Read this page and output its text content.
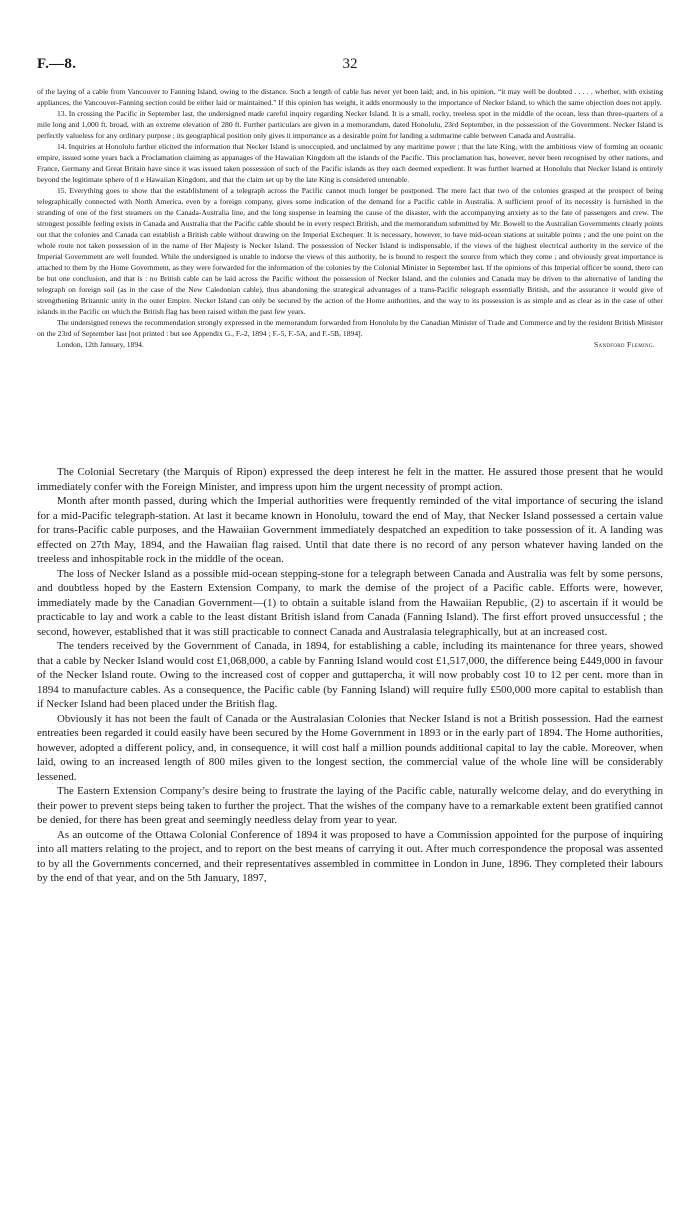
F.—8.	32

of the laying of a cable from Vancouver to Fanning Island, owing to the distance. Such a length of cable has never yet been laid; and, in his opinion, “it may well be doubted . . . . . whether, with existing appliances, the Vancouver-Fanning section could be either laid or maintained.” If this opinion has weight, it adds enormously to the importance of Necker Island, to which the same objection does not apply.

13. In crossing the Pacific in September last, the undersigned made careful inquiry regarding Necker Island. It is a small, rocky, treeless spot in the middle of the ocean, less than three-quarters of a mile long and 1,000 ft. broad, with an extreme elevation of 280 ft. Further particulars are given in a memorandum, dated Honolulu, 23rd September, in the possession of the Government. Necker Island is perfectly valueless for any ordinary purpose ; its geographical position only gives it importance as a desirable point for landing a submarine cable between Canada and Australia.

14. Inquiries at Honolulu farther elicited the information that Necker Island is unoccupied, and unclaimed by any maritime power ; that the late King, with the ambitious view of forming an oceanic empire, issued some years back a Proclamation claiming as appanages of the Hawaiian Kingdom all the islands of the Pacific. This proclamation has, however, never been recognised by other nations, and France, Germany and Great Britain have since it was issued taken possession of such of the Pacific islands as they each deemed expedient. It was further learned at Honolulu that Necker Island is entirely beyond the legitimate sphere of tl e Hawaiian Kingdom, and that the claim set up by the late King is considered untenable.

15. Everything goes to show that the establishment of a telegraph across the Pacific cannot much longer be postponed. The mere fact that two of the colonies grasped at the prospect of being telegraphically connected with North America, even by a foreign company, gives some indication of the demand for a Pacific cable in Australia. A sufficient proof of its necessity is furnished in the stranding of one of the first steamers on the Canada-Australia line, and the long suspense in learning the cause of the disaster, with the accompanying anxiety as to the fate of passengers and crew. The strongest possible feeling exists in Canada and Australia that the Pacific cable should be in every respect British, and the memorandum submitted by Mr. Bowell to the Australian Governments clearly points out that the colonies and Canada can establish a British cable without drawing on the Imperial Exchequer. It is necessary, however, to have mid-ocean stations at suitable points ; and the one point on the whole route not taken possession of in the name of Her Majesty is Necker Island. The possession of Necker Island is indispensable, if the views of the highest electrical authority in the service of the Imperial Government are well founded. While the undersigned is unable to indorse the views of this authority, he is bound to respect the source from which they come ; and obviously great importance is attached to them by the Home Government, as they were forwarded for the information of the colonies by the Colonial Minister in September last. If the opinions of this Imperial officer be sound, there can be but one conclusion, and that is : no British cable can be laid across the Pacific without the possession of Necker Island, and the colonies and Canada may be driven to the alternative of landing the telegraph on foreign soil (as in the case of the New Caledonian cable), thus abandoning the strategical advantages of a trans-Pacific telegraph essentially British, and the assurance it would give of strengthening Britannic unity in the outer Empire. Necker Island can only be secured by the action of the Home authorities, and the way to its possession is as simple and as clear as in the case of other islands in the Pacific on which the British flag has been raised within the past few years.

The undersigned renews the recommendation strongly expressed in the memorandum forwarded from Honolulu by the Canadian Minister of Trade and Commerce and by the resident British Minister on the 23rd of September last [not printed : but see Appendix G., F.-2, 1894 ; F.-5, F.-5A, and F.-5B, 1894].

London, 12th January, 1894.	Sandford Fleming.

The Colonial Secretary (the Marquis of Ripon) expressed the deep interest he felt in the matter. He assured those present that he would immediately confer with the Foreign Minister, and impress upon him the urgent necessity of prompt action.

Month after month passed, during which the Imperial authorities were frequently reminded of the vital importance of securing the island for a mid-Pacific telegraph-station. At last it became known in Honolulu, toward the end of May, that Necker Island possessed a certain value for trans-Pacific cable purposes, and the Hawaiian Government immediately despatched an expedition to take possession of it. A landing was effected on 27th May, 1894, and the Hawaiian flag raised. Until that date there is no record of any person whatever having landed on the treeless and inhospitable rock in the middle of the ocean.

The loss of Necker Island as a possible mid-ocean stepping-stone for a telegraph between Canada and Australia was felt by some persons, and doubtless hoped by the Eastern Extension Company, to mark the demise of the project of a Pacific cable. Efforts were, however, immediately made by the Canadian Government—(1) to obtain a suitable island from the Hawaiian Republic, (2) to ascertain if it would be practicable to lay and work a cable to the least distant British island from Canada (Fanning Island). The first effort proved unsuccessful ; the second, however, established that it was still practicable to connect Canada and Australasia telegraphically, but at an increased cost.

The tenders received by the Government of Canada, in 1894, for establishing a cable, including its maintenance for three years, showed that a cable by Necker Island would cost £1,068,000, a cable by Fanning Island would cost £1,517,000, the difference being £449,000 in favour of the Necker Island route. Owing to the increased cost of copper and guttapercha, it will now probably cost 10 to 12 per cent. more than in 1894 to manufacture cables. As a consequence, the Pacific cable (by Fanning Island) will require fully £500,000 more capital to establish than if Necker Island had been placed under the British flag.

Obviously it has not been the fault of Canada or the Australasian Colonies that Necker Island is not a British possession. Had the earnest entreaties been regarded it could easily have been secured by the Home Government in 1893 or in the early part of 1894. The Home authorities, however, adopted a different policy, and, in consequence, it will cost half a million pounds additional capital to lay the cable. Moreover, when laid, owing to an increased length of 800 miles given to the longest section, the commercial value of the whole line will be considerably lessened.

The Eastern Extension Company’s desire being to frustrate the laying of the Pacific cable, naturally welcome delay, and do everything in their power to prevent steps being taken to further the project. That the wishes of the company have to a remarkable extent been gratified cannot be denied, for there has been great and seemingly needless delay from year to year.

As an outcome of the Ottawa Colonial Conference of 1894 it was proposed to have a Commission appointed for the purpose of inquiring into all matters relating to the project, and to report on the best means of carrying it out. After much correspondence the proposal was assented to by all the Governments concerned, and their representatives assembled in committee in London in June, 1896. They completed their labours by the end of that year, and on the 5th January, 1897,
